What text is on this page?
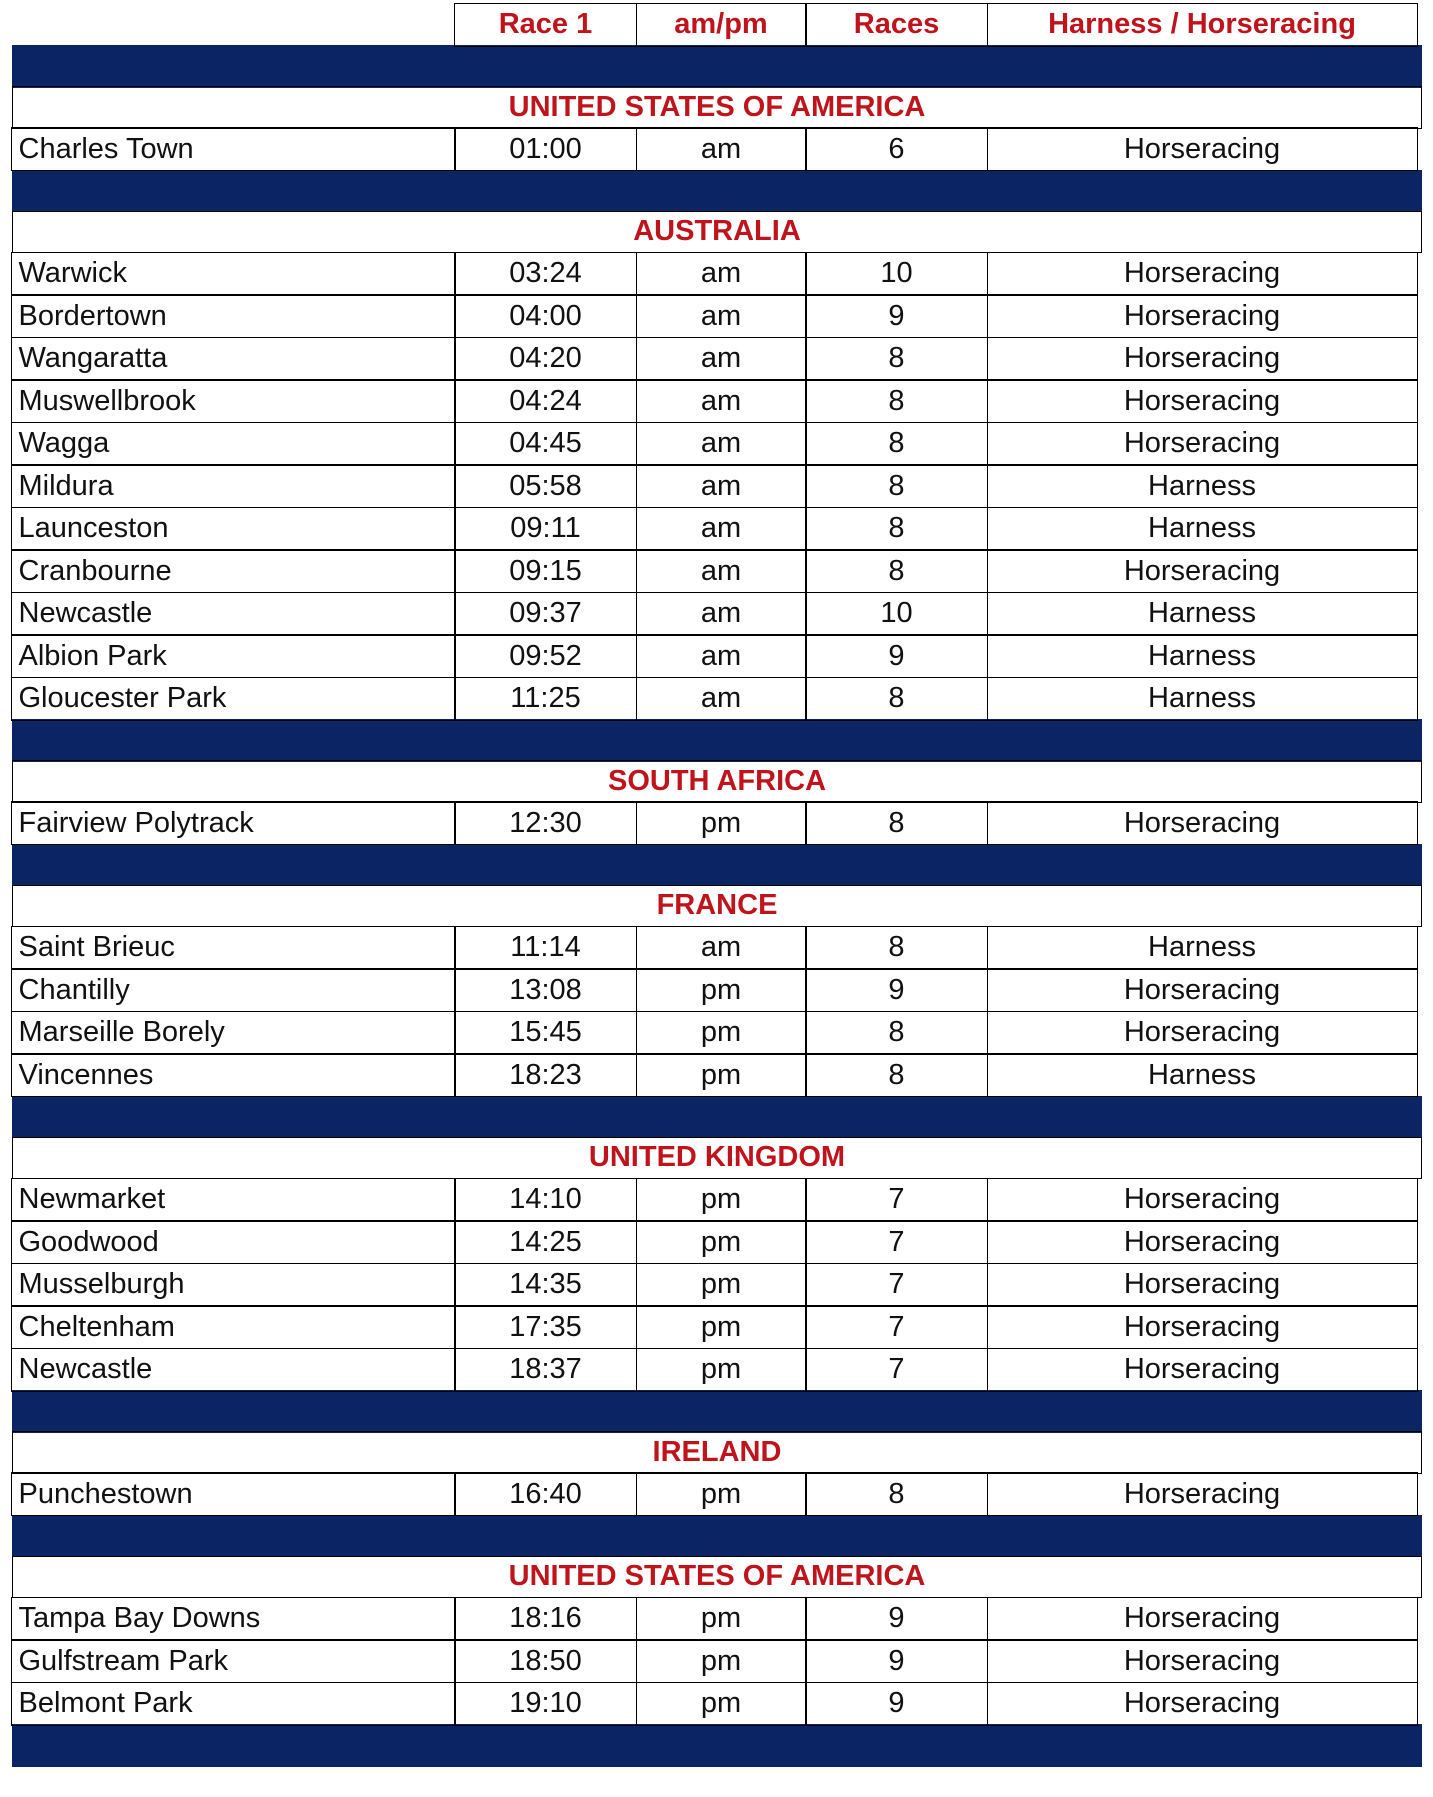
Race 1	am/pm	Races	Harness / Horseracing
UNITED STATES OF AMERICA
Charles Town	01:00	am	6	Horseracing
AUSTRALIA
Warwick	03:24	am	10	Horseracing
Bordertown	04:00	am	9	Horseracing
Wangaratta	04:20	am	8	Horseracing
Muswellbrook	04:24	am	8	Horseracing
Wagga	04:45	am	8	Horseracing
Mildura	05:58	am	8	Harness
Launceston	09:11	am	8	Harness
Cranbourne	09:15	am	8	Horseracing
Newcastle	09:37	am	10	Harness
Albion Park	09:52	am	9	Harness
Gloucester Park	11:25	am	8	Harness
SOUTH AFRICA
Fairview Polytrack	12:30	pm	8	Horseracing
FRANCE
Saint Brieuc	11:14	am	8	Harness
Chantilly	13:08	pm	9	Horseracing
Marseille Borely	15:45	pm	8	Horseracing
Vincennes	18:23	pm	8	Harness
UNITED KINGDOM
Newmarket	14:10	pm	7	Horseracing
Goodwood	14:25	pm	7	Horseracing
Musselburgh	14:35	pm	7	Horseracing
Cheltenham	17:35	pm	7	Horseracing
Newcastle	18:37	pm	7	Horseracing
IRELAND
Punchestown	16:40	pm	8	Horseracing
UNITED STATES OF AMERICA
Tampa Bay Downs	18:16	pm	9	Horseracing
Gulfstream Park	18:50	pm	9	Horseracing
Belmont Park	19:10	pm	9	Horseracing
